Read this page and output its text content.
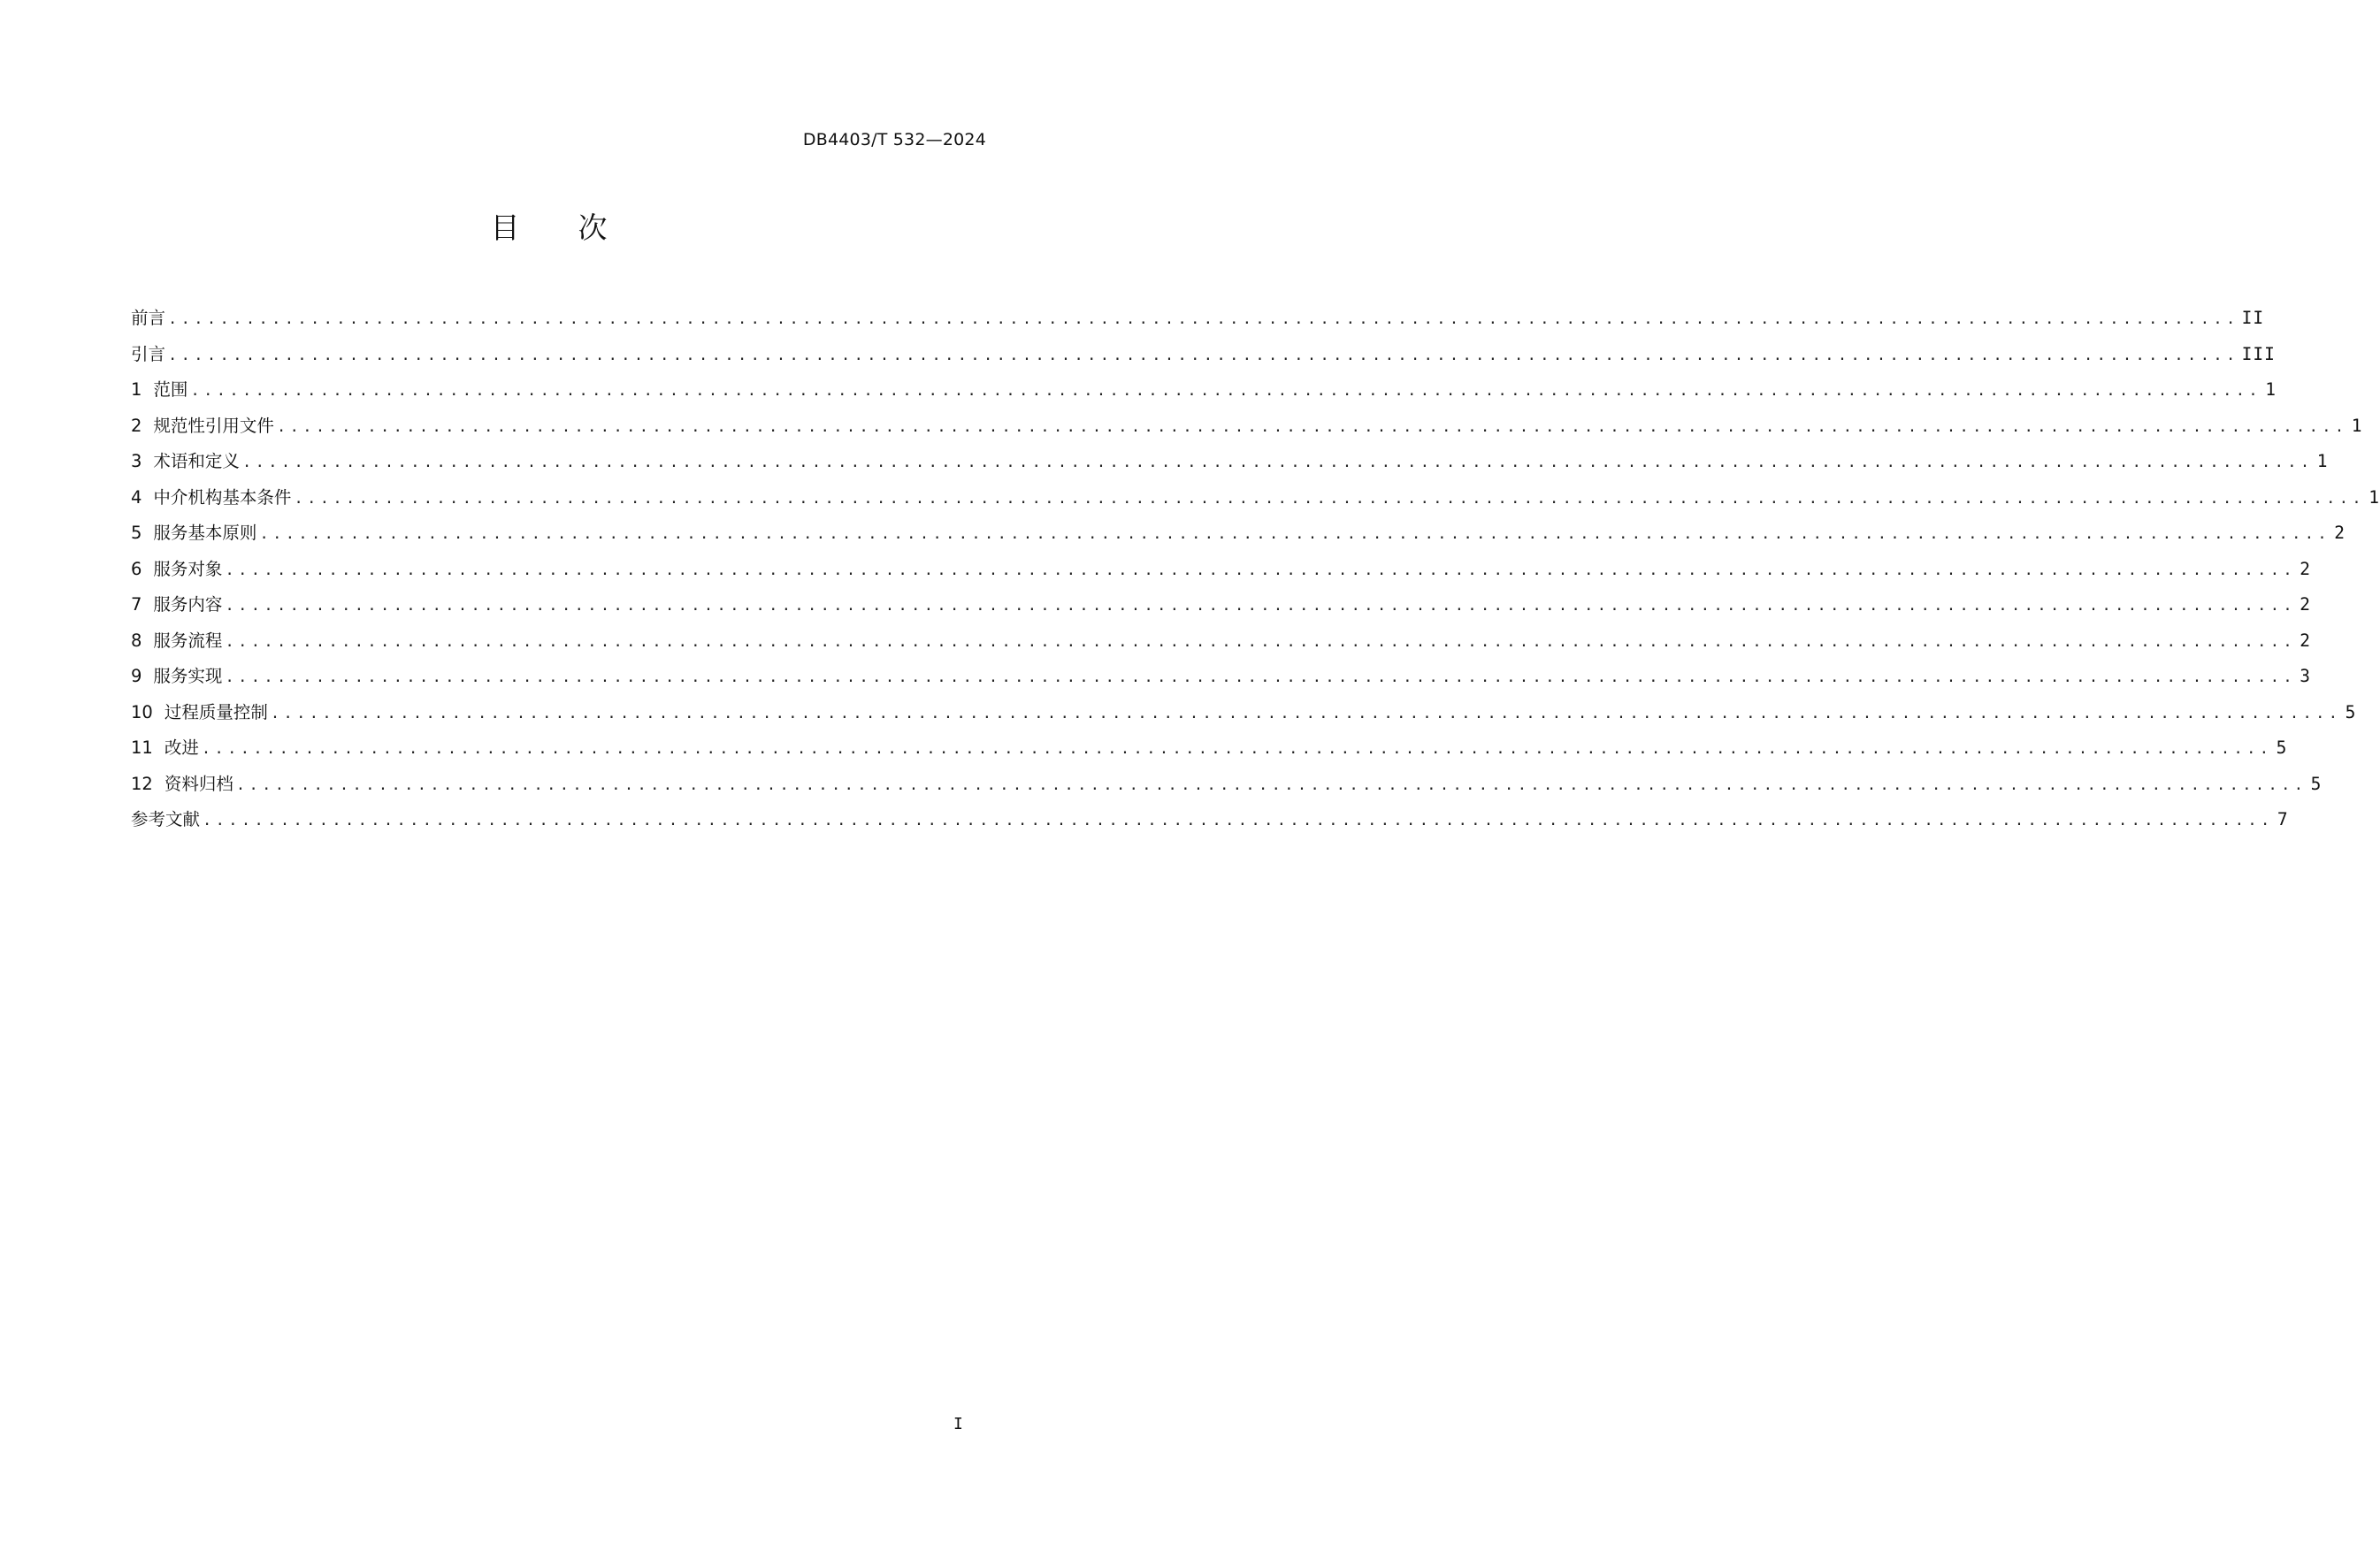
DB4403/T 532—2024
目 次
前言 ................................................................................................................................................................ II
引言 ................................................................................................................................................................ III
1 范围 ................................................................................................................................................................ 1
2 规范性引用文件 ................................................................................................................................................................ 1
3 术语和定义 ................................................................................................................................................................ 1
4 中介机构基本条件 ................................................................................................................................................................ 1
5 服务基本原则 ................................................................................................................................................................ 2
6 服务对象 ................................................................................................................................................................ 2
7 服务内容 ................................................................................................................................................................ 2
8 服务流程 ................................................................................................................................................................ 2
9 服务实现 ................................................................................................................................................................ 3
10 过程质量控制 ................................................................................................................................................................ 5
11 改进 ................................................................................................................................................................ 5
12 资料归档 ................................................................................................................................................................ 5
参考文献 ................................................................................................................................................................ 7
I
